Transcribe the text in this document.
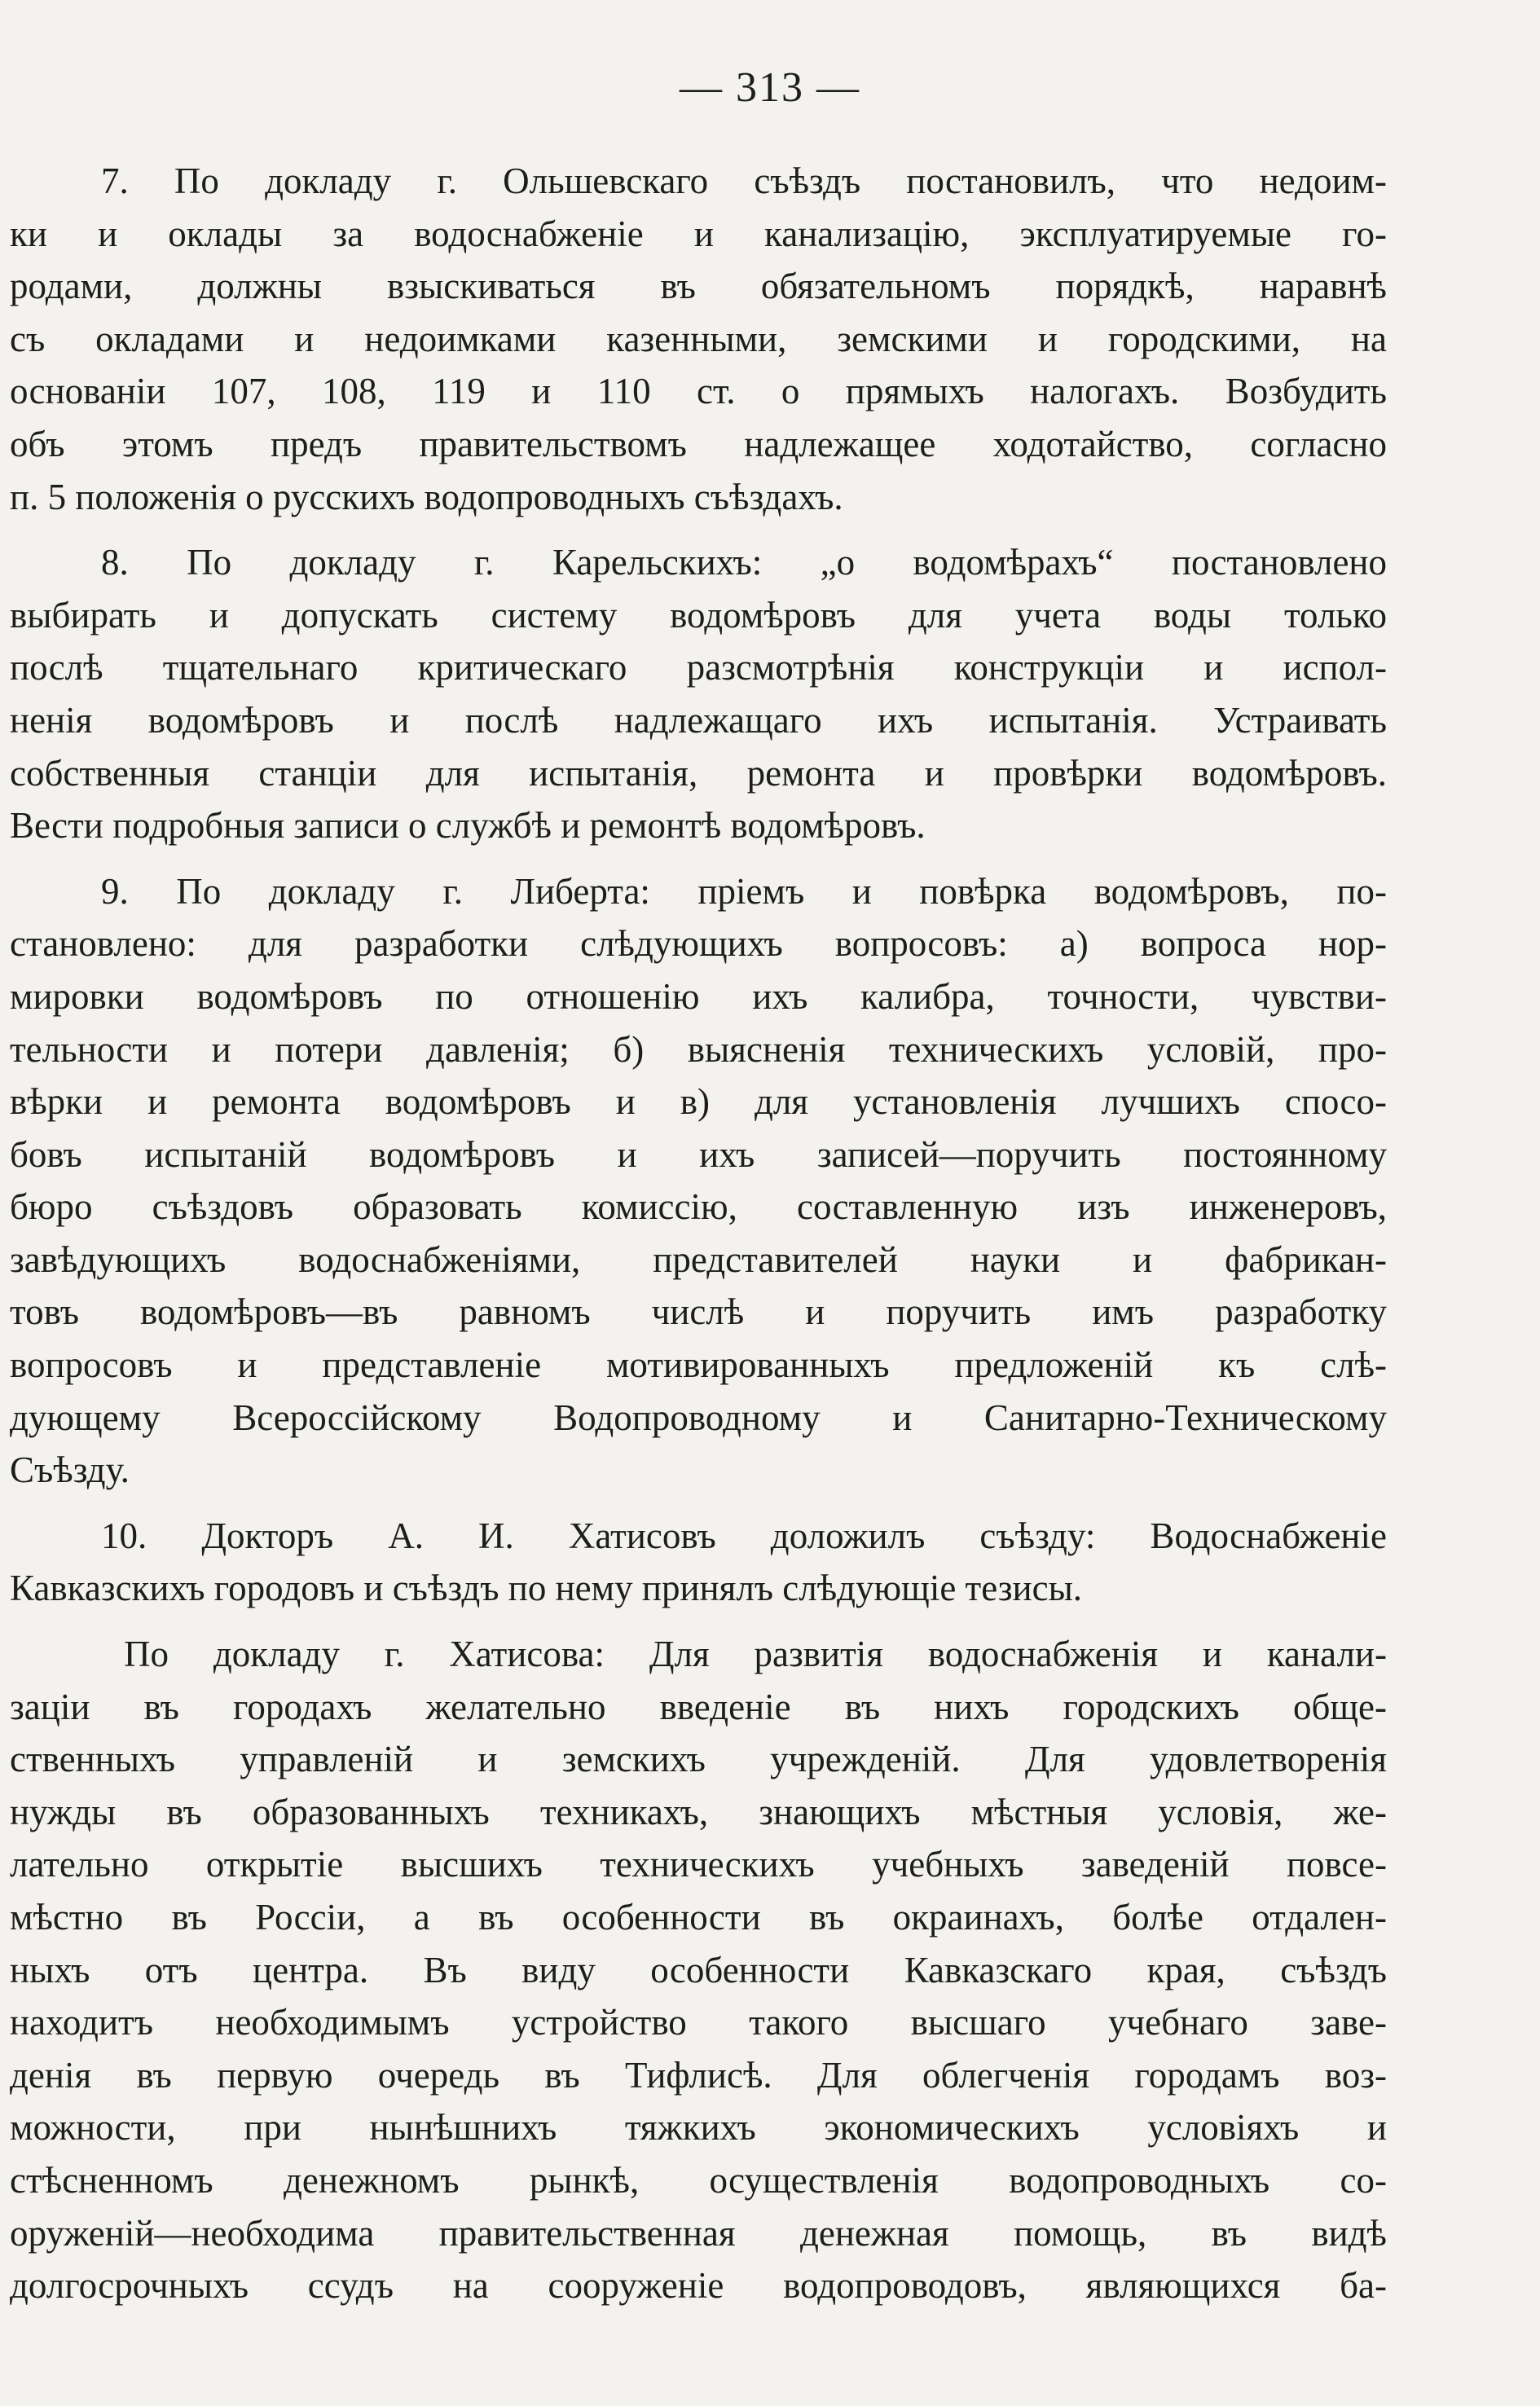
— 313 —
7. По докладу г. Ольшевскаго съѣздъ постановилъ, что недоим-
ки и оклады за водоснабженіе и канализацію, эксплуатируемые го-
родами, должны взыскиваться въ обязательномъ порядкѣ, наравнѣ
съ окладами и недоимками казенными, земскими и городскими, на
основаніи 107, 108, 119 и 110 ст. о прямыхъ налогахъ. Возбудить
объ этомъ предъ правительствомъ надлежащее ходотайство, согласно
п. 5 положенія о русскихъ водопроводныхъ съѣздахъ.
8. По докладу г. Карельскихъ: „о водомѣрахъ“ постановлено
выбирать и допускать систему водомѣровъ для учета воды только
послѣ тщательнаго критическаго разсмотрѣнія конструкціи и испол-
ненія водомѣровъ и послѣ надлежащаго ихъ испытанія. Устраивать
собственныя станціи для испытанія, ремонта и провѣрки водомѣровъ.
Вести подробныя записи о службѣ и ремонтѣ водомѣровъ.
9. По докладу г. Либерта: пріемъ и повѣрка водомѣровъ, по-
становлено: для разработки слѣдующихъ вопросовъ: а) вопроса нор-
мировки водомѣровъ по отношенію ихъ калибра, точности, чувстви-
тельности и потери давленія; б) выясненія техническихъ условій, про-
вѣрки и ремонта водомѣровъ и в) для установленія лучшихъ спосо-
бовъ испытаній водомѣровъ и ихъ записей—поручить постоянному
бюро съѣздовъ образовать комиссію, составленную изъ инженеровъ,
завѣдующихъ водоснабженіями, представителей науки и фабрикан-
товъ водомѣровъ—въ равномъ числѣ и поручить имъ разработку
вопросовъ и представленіе мотивированныхъ предложеній къ слѣ-
дующему Всероссійскому Водопроводному и Санитарно-Техническому
Съѣзду.
10. Докторъ А. И. Хатисовъ доложилъ съѣзду: Водоснабженіе
Кавказскихъ городовъ и съѣздъ по нему принялъ слѣдующіе тезисы.
По докладу г. Хатисова: Для развитія водоснабженія и канали-
заціи въ городахъ желательно введеніе въ нихъ городскихъ обще-
ственныхъ управленій и земскихъ учрежденій. Для удовлетворенія
нужды въ образованныхъ техникахъ, знающихъ мѣстныя условія, же-
лательно открытіе высшихъ техническихъ учебныхъ заведеній повсе-
мѣстно въ Россіи, а въ особенности въ окраинахъ, болѣе отдален-
ныхъ отъ центра. Въ виду особенности Кавказскаго края, съѣздъ
находитъ необходимымъ устройство такого высшаго учебнаго заве-
денія въ первую очередь въ Тифлисѣ. Для облегченія городамъ воз-
можности, при нынѣшнихъ тяжкихъ экономическихъ условіяхъ и
стѣсненномъ денежномъ рынкѣ, осуществленія водопроводныхъ со-
оруженій—необходима правительственная денежная помощь, въ видѣ
долгосрочныхъ ссудъ на сооруженіе водопроводовъ, являющихся ба-
